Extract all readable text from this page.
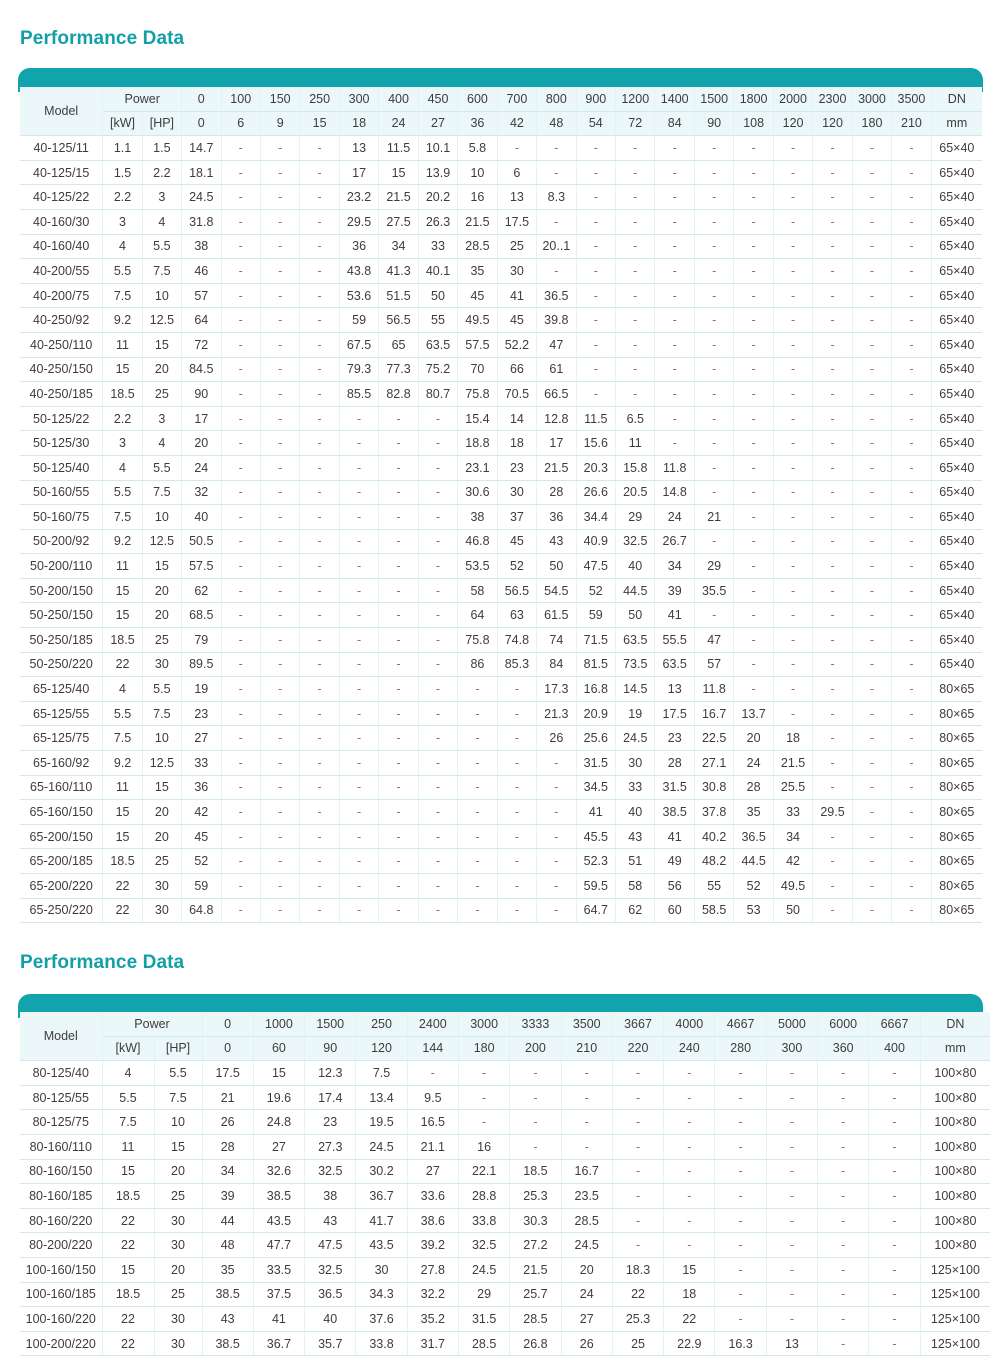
Performance Data
Model	Power		0	100	150	250	300	400	450	600	700	800	900	1200	1400	1500	1800	2000	2300	3000	3500	DN
	[kW]	[HP]	0	6	9	15	18	24	27	36	42	48	54	72	84	90	108	120	120	180	210	mm
40-125/11	1.1	1.5	14.7	-	-	-	13	11.5	10.1	5.8	-	-	-	-	-	-	-	-	-	-	-	65×40
40-125/15	1.5	2.2	18.1	-	-	-	17	15	13.9	10	6	-	-	-	-	-	-	-	-	-	-	65×40
40-125/22	2.2	3	24.5	-	-	-	23.2	21.5	20.2	16	13	8.3	-	-	-	-	-	-	-	-	-	65×40
40-160/30	3	4	31.8	-	-	-	29.5	27.5	26.3	21.5	17.5	-	-	-	-	-	-	-	-	-	-	65×40
40-160/40	4	5.5	38	-	-	-	36	34	33	28.5	25	20..1	-	-	-	-	-	-	-	-	-	65×40
40-200/55	5.5	7.5	46	-	-	-	43.8	41.3	40.1	35	30	-	-	-	-	-	-	-	-	-	-	65×40
40-200/75	7.5	10	57	-	-	-	53.6	51.5	50	45	41	36.5	-	-	-	-	-	-	-	-	-	65×40
40-250/92	9.2	12.5	64	-	-	-	59	56.5	55	49.5	45	39.8	-	-	-	-	-	-	-	-	-	65×40
40-250/110	11	15	72	-	-	-	67.5	65	63.5	57.5	52.2	47	-	-	-	-	-	-	-	-	-	65×40
40-250/150	15	20	84.5	-	-	-	79.3	77.3	75.2	70	66	61	-	-	-	-	-	-	-	-	-	65×40
40-250/185	18.5	25	90	-	-	-	85.5	82.8	80.7	75.8	70.5	66.5	-	-	-	-	-	-	-	-	-	65×40
50-125/22	2.2	3	17	-	-	-	-	-	-	15.4	14	12.8	11.5	6.5	-	-	-	-	-	-	-	65×40
50-125/30	3	4	20	-	-	-	-	-	-	18.8	18	17	15.6	11	-	-	-	-	-	-	-	65×40
50-125/40	4	5.5	24	-	-	-	-	-	-	23.1	23	21.5	20.3	15.8	11.8	-	-	-	-	-	-	65×40
50-160/55	5.5	7.5	32	-	-	-	-	-	-	30.6	30	28	26.6	20.5	14.8	-	-	-	-	-	-	65×40
50-160/75	7.5	10	40	-	-	-	-	-	-	38	37	36	34.4	29	24	21	-	-	-	-	-	65×40
50-200/92	9.2	12.5	50.5	-	-	-	-	-	-	46.8	45	43	40.9	32.5	26.7	-	-	-	-	-	-	65×40
50-200/110	11	15	57.5	-	-	-	-	-	-	53.5	52	50	47.5	40	34	29	-	-	-	-	-	65×40
50-200/150	15	20	62	-	-	-	-	-	-	58	56.5	54.5	52	44.5	39	35.5	-	-	-	-	-	65×40
50-250/150	15	20	68.5	-	-	-	-	-	-	64	63	61.5	59	50	41	-	-	-	-	-	-	65×40
50-250/185	18.5	25	79	-	-	-	-	-	-	75.8	74.8	74	71.5	63.5	55.5	47	-	-	-	-	-	65×40
50-250/220	22	30	89.5	-	-	-	-	-	-	86	85.3	84	81.5	73.5	63.5	57	-	-	-	-	-	65×40
65-125/40	4	5.5	19	-	-	-	-	-	-	-	-	17.3	16.8	14.5	13	11.8	-	-	-	-	-	80×65
65-125/55	5.5	7.5	23	-	-	-	-	-	-	-	-	21.3	20.9	19	17.5	16.7	13.7	-	-	-	-	80×65
65-125/75	7.5	10	27	-	-	-	-	-	-	-	-	26	25.6	24.5	23	22.5	20	18	-	-	-	80×65
65-160/92	9.2	12.5	33	-	-	-	-	-	-	-	-	-	31.5	30	28	27.1	24	21.5	-	-	-	80×65
65-160/110	11	15	36	-	-	-	-	-	-	-	-	-	34.5	33	31.5	30.8	28	25.5	-	-	-	80×65
65-160/150	15	20	42	-	-	-	-	-	-	-	-	-	41	40	38.5	37.8	35	33	29.5	-	-	80×65
65-200/150	15	20	45	-	-	-	-	-	-	-	-	-	45.5	43	41	40.2	36.5	34	-	-	-	80×65
65-200/185	18.5	25	52	-	-	-	-	-	-	-	-	-	52.3	51	49	48.2	44.5	42	-	-	-	80×65
65-200/220	22	30	59	-	-	-	-	-	-	-	-	-	59.5	58	56	55	52	49.5	-	-	-	80×65
65-250/220	22	30	64.8	-	-	-	-	-	-	-	-	-	64.7	62	60	58.5	53	50	-	-	-	80×65
Performance Data
Model	Power		0	1000	1500	250	2400	3000	3333	3500	3667	4000	4667	5000	6000	6667	DN
	[kW]	[HP]	0	60	90	120	144	180	200	210	220	240	280	300	360	400	mm
80-125/40	4	5.5	17.5	15	12.3	7.5	-	-	-	-	-	-	-	-	-	-	100×80
80-125/55	5.5	7.5	21	19.6	17.4	13.4	9.5	-	-	-	-	-	-	-	-	-	100×80
80-125/75	7.5	10	26	24.8	23	19.5	16.5	-	-	-	-	-	-	-	-	-	100×80
80-160/110	11	15	28	27	27.3	24.5	21.1	16	-	-	-	-	-	-	-	-	100×80
80-160/150	15	20	34	32.6	32.5	30.2	27	22.1	18.5	16.7	-	-	-	-	-	-	100×80
80-160/185	18.5	25	39	38.5	38	36.7	33.6	28.8	25.3	23.5	-	-	-	-	-	-	100×80
80-160/220	22	30	44	43.5	43	41.7	38.6	33.8	30.3	28.5	-	-	-	-	-	-	100×80
80-200/220	22	30	48	47.7	47.5	43.5	39.2	32.5	27.2	24.5	-	-	-	-	-	-	100×80
100-160/150	15	20	35	33.5	32.5	30	27.8	24.5	21.5	20	18.3	15	-	-	-	-	125×100
100-160/185	18.5	25	38.5	37.5	36.5	34.3	32.2	29	25.7	24	22	18	-	-	-	-	125×100
100-160/220	22	30	43	41	40	37.6	35.2	31.5	28.5	27	25.3	22	-	-	-	-	125×100
100-200/220	22	30	38.5	36.7	35.7	33.8	31.7	28.5	26.8	26	25	22.9	16.3	13	-	-	125×100
